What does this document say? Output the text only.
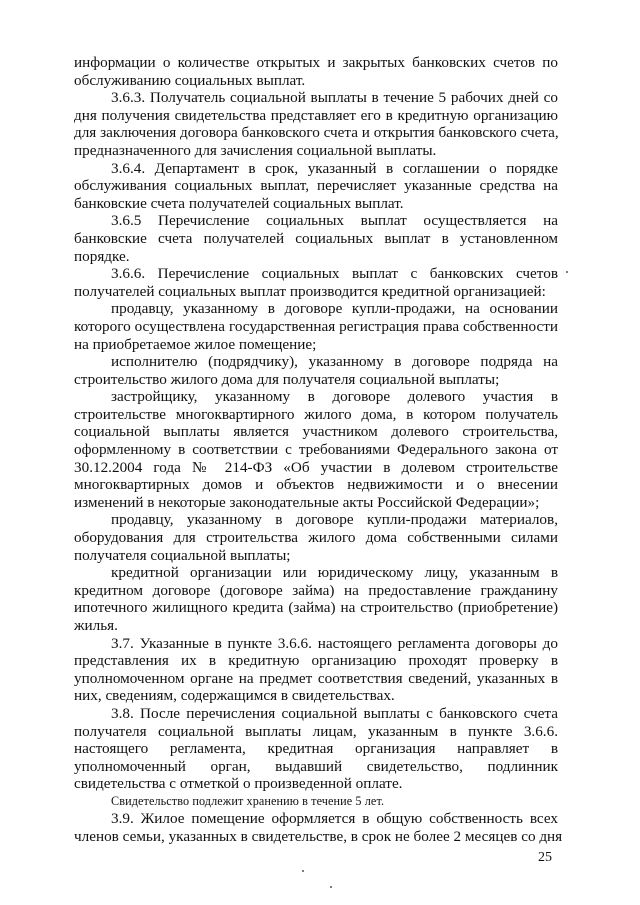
информации о количестве открытых и закрытых банковских счетов по
обслуживанию социальных выплат.
3.6.3. Получатель социальной выплаты в течение 5 рабочих дней со
дня получения свидетельства представляет его в кредитную организацию
для заключения договора банковского счета и открытия банковского счета,
предназначенного для зачисления социальной выплаты.
3.6.4. Департамент в срок, указанный в соглашении о порядке
обслуживания социальных выплат, перечисляет указанные средства на
банковские счета получателей социальных выплат.
3.6.5 Перечисление социальных выплат осуществляется на
банковские счета получателей социальных выплат в установленном
порядке.
3.6.6. Перечисление социальных выплат с банковских счетов
получателей социальных выплат производится кредитной организацией:
продавцу, указанному в договоре купли-продажи, на основании
которого осуществлена государственная регистрация права собственности
на приобретаемое жилое помещение;
исполнителю (подрядчику), указанному в договоре подряда на
строительство жилого дома для получателя социальной выплаты;
застройщику, указанному в договоре долевого участия в
строительстве многоквартирного жилого дома, в котором получатель
социальной выплаты является участником долевого строительства,
оформленному в соответствии с требованиями Федерального закона от
30.12.2004 года № 214-ФЗ «Об участии в долевом строительстве
многоквартирных домов и объектов недвижимости и о внесении
изменений в некоторые законодательные акты Российской Федерации»;
продавцу, указанному в договоре купли-продажи материалов,
оборудования для строительства жилого дома собственными силами
получателя социальной выплаты;
кредитной организации или юридическому лицу, указанным в
кредитном договоре (договоре займа) на предоставление гражданину
ипотечного жилищного кредита (займа) на строительство (приобретение)
жилья.
3.7. Указанные в пункте 3.6.6. настоящего регламента договоры до
представления их в кредитную организацию проходят проверку в
уполномоченном органе на предмет соответствия сведений, указанных в
них, сведениям, содержащимся в свидетельствах.
3.8. После перечисления социальной выплаты с банковского счета
получателя социальной выплаты лицам, указанным в пункте 3.6.6.
настоящего регламента, кредитная организация направляет в
уполномоченный орган, выдавший свидетельство, подлинник
свидетельства с отметкой о произведенной оплате.
Свидетельство подлежит хранению в течение 5 лет.
3.9. Жилое помещение оформляется в общую собственность всех
членов семьи, указанных в свидетельстве, в срок не более 2 месяцев со дня
25
